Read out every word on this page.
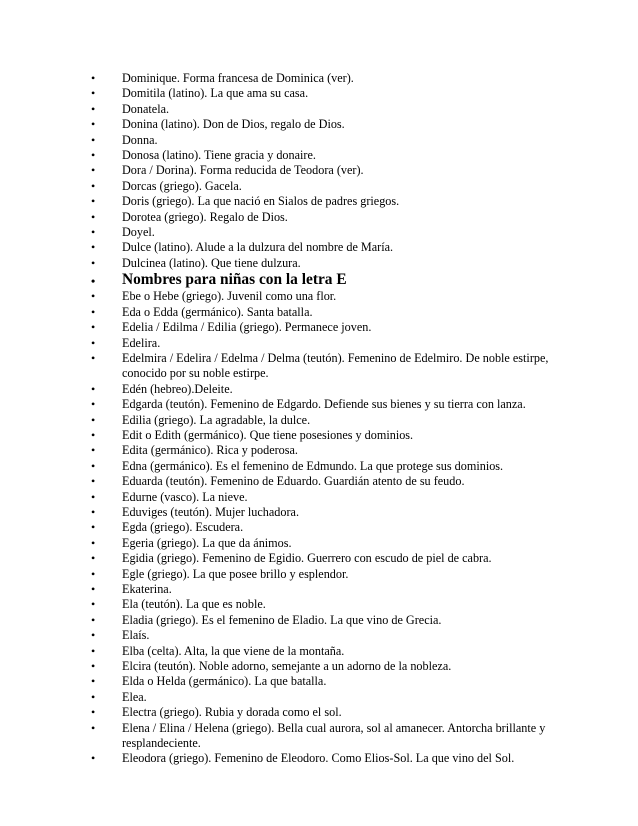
•	Dominique. Forma francesa de Dominica (ver).
•	Domitila (latino). La que ama su casa.
•	Donatela.
•	Donina (latino). Don de Dios, regalo de Dios.
•	Donna.
•	Donosa (latino). Tiene gracia y donaire.
•	Dora / Dorina). Forma reducida de Teodora (ver).
•	Dorcas (griego). Gacela.
•	Doris (griego). La que nació en Sialos de padres griegos.
•	Dorotea (griego). Regalo de Dios.
•	Doyel.
•	Dulce (latino). Alude a la dulzura del nombre de María.
•	Dulcinea (latino). Que tiene dulzura.
•	Nombres para niñas con la letra E
•	Ebe o Hebe (griego). Juvenil como una flor.
•	Eda o Edda (germánico). Santa batalla.
•	Edelia / Edilma / Edilia (griego). Permanece joven.
•	Edelira.
•	Edelmira / Edelira / Edelma / Delma (teutón). Femenino de Edelmiro. De noble estirpe, conocido por su noble estirpe.
•	Edén (hebreo).Deleite.
•	Edgarda (teutón). Femenino de Edgardo. Defiende sus bienes y su tierra con lanza.
•	Edilia (griego). La agradable, la dulce.
•	Edit o Edith (germánico). Que tiene posesiones y dominios.
•	Edita (germánico). Rica y poderosa.
•	Edna (germánico). Es el femenino de Edmundo. La que protege sus dominios.
•	Eduarda (teutón). Femenino de Eduardo. Guardián atento de su feudo.
•	Edurne (vasco). La nieve.
•	Eduviges (teutón). Mujer luchadora.
•	Egda (griego). Escudera.
•	Egeria (griego). La que da ánimos.
•	Egidia (griego). Femenino de Egidio. Guerrero con escudo de piel de cabra.
•	Egle (griego). La que posee brillo y esplendor.
•	Ekaterina.
•	Ela (teutón). La que es noble.
•	Eladia (griego). Es el femenino de Eladio. La que vino de Grecia.
•	Elaís.
•	Elba (celta). Alta, la que viene de la montaña.
•	Elcira (teutón). Noble adorno, semejante a un adorno de la nobleza.
•	Elda o Helda (germánico). La que batalla.
•	Elea.
•	Electra (griego). Rubia y dorada como el sol.
•	Elena / Elina / Helena (griego). Bella cual aurora, sol al amanecer. Antorcha brillante y resplandeciente.
•	Eleodora (griego). Femenino de Eleodoro. Como Elios-Sol. La que vino del Sol.
